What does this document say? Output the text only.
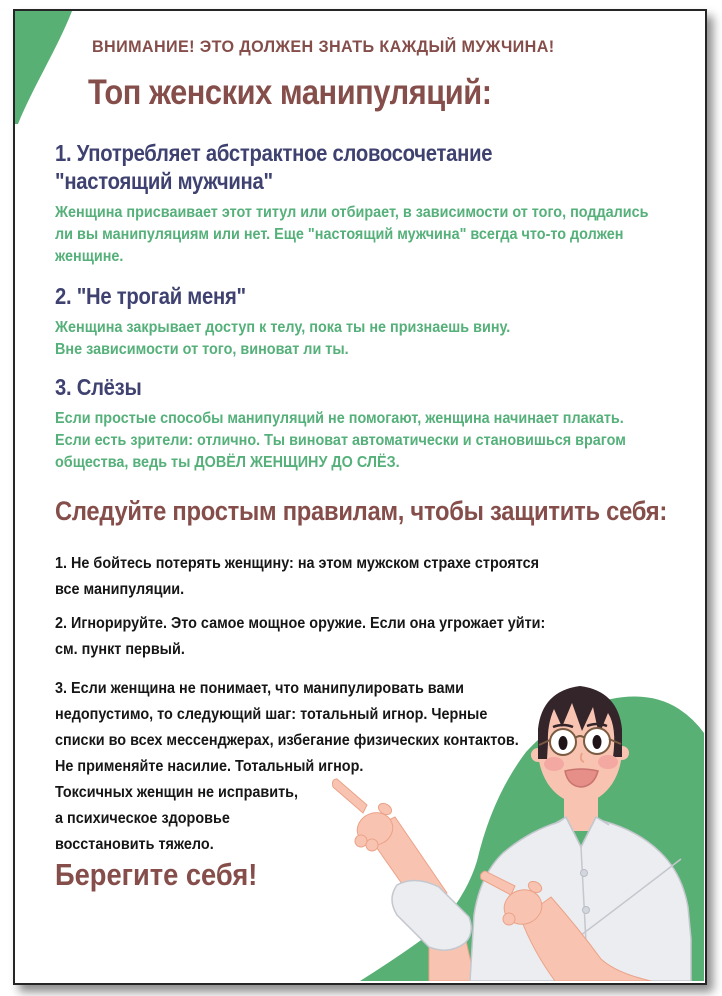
ВНИМАНИЕ! ЭТО ДОЛЖЕН ЗНАТЬ КАЖДЫЙ МУЖЧИНА!
Топ женских манипуляций:
1. Употребляет абстрактное словосочетание
"настоящий мужчина"
Женщина присваивает этот титул или отбирает, в зависимости от того, поддались
ли вы манипуляциям или нет. Еще "настоящий мужчина" всегда что-то должен
женщине.
2. "Не трогай меня"
Женщина закрывает доступ к телу, пока ты не признаешь вину.
Вне зависимости от того, виноват ли ты.
3. Слёзы
Если простые способы манипуляций не помогают, женщина начинает плакать.
Если есть зрители: отлично. Ты виноват автоматически и становишься врагом
общества, ведь ты ДОВЁЛ ЖЕНЩИНУ ДО СЛЁЗ.
Следуйте простым правилам, чтобы защитить себя:
1. Не бойтесь потерять женщину: на этом мужском страхе строятся
все манипуляции.
2. Игнорируйте. Это самое мощное оружие. Если она угрожает уйти:
см. пункт первый.
3. Если женщина не понимает, что манипулировать вами
недопустимо, то следующий шаг: тотальный игнор. Черные
списки во всех мессенджерах, избегание физических контактов.
Не применяйте насилие. Тотальный игнор.
Токсичных женщин не исправить,
а психическое здоровье
восстановить тяжело.
Берегите себя!
